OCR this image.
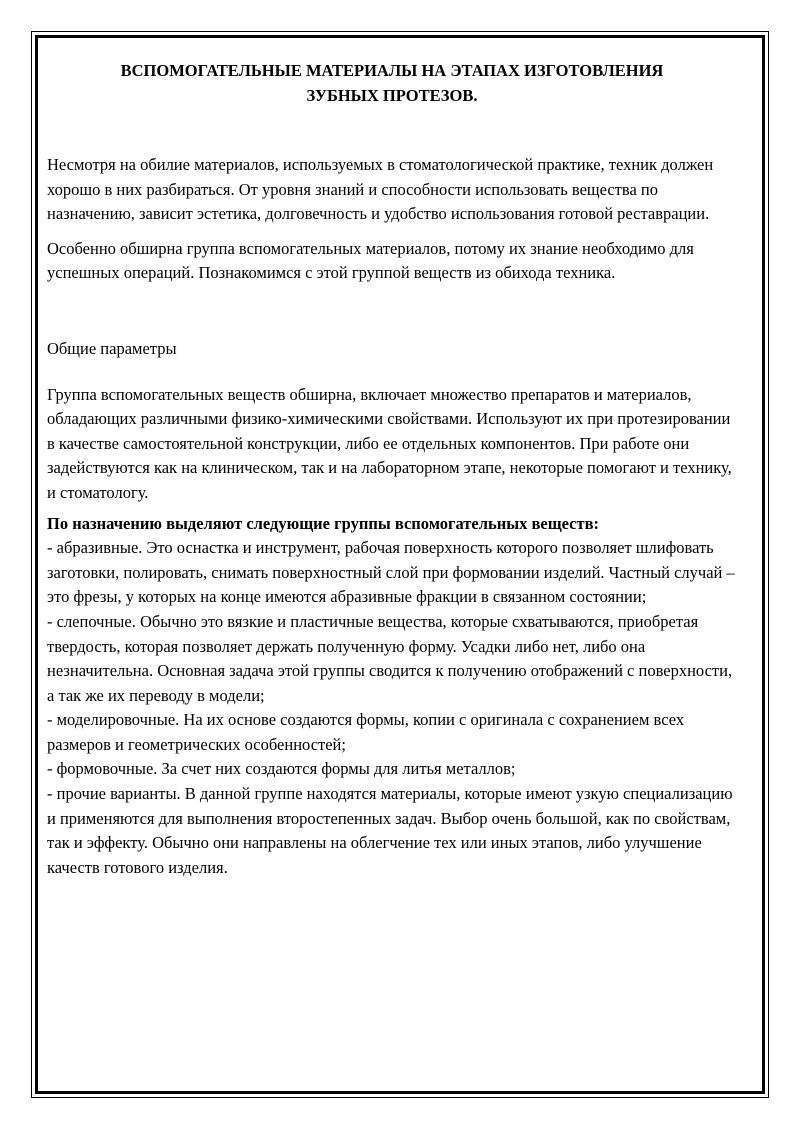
ВСПОМОГАТЕЛЬНЫЕ МАТЕРИАЛЫ НА ЭТАПАХ ИЗГОТОВЛЕНИЯ
ЗУБНЫХ ПРОТЕЗОВ.

Несмотря на обилие материалов, используемых в стоматологической практике, техник должен хорошо в них разбираться. От уровня знаний и способности использовать вещества по назначению, зависит эстетика, долговечность и удобство использования готовой реставрации.

Особенно обширна группа вспомогательных материалов, потому их знание необходимо для успешных операций. Познакомимся с этой группой веществ из обихода техника.

Общие параметры

Группа вспомогательных веществ обширна, включает множество препаратов и материалов, обладающих различными физико-химическими свойствами. Используют их при протезировании в качестве самостоятельной конструкции, либо ее отдельных компонентов. При работе они задействуются как на клиническом, так и на лабораторном этапе, некоторые помогают и технику, и стоматологу.

По назначению выделяют следующие группы вспомогательных веществ:

- абразивные. Это оснастка и инструмент, рабочая поверхность которого позволяет шлифовать заготовки, полировать, снимать поверхностный слой при формовании изделий. Частный случай – это фрезы, у которых на конце имеются абразивные фракции в связанном состоянии;

- слепочные. Обычно это вязкие и пластичные вещества, которые схватываются, приобретая твердость, которая позволяет держать полученную форму. Усадки либо нет, либо она незначительна. Основная задача этой группы сводится к получению отображений с поверхности, а так же их переводу в модели;

- моделировочные. На их основе создаются формы, копии с оригинала с сохранением всех размеров и геометрических особенностей;

- формовочные. За счет них создаются формы для литья металлов;

- прочие варианты. В данной группе находятся материалы, которые имеют узкую специализацию и применяются для выполнения второстепенных задач. Выбор очень большой, как по свойствам, так и эффекту. Обычно они направлены на облегчение тех или иных этапов, либо улучшение качеств готового изделия.
